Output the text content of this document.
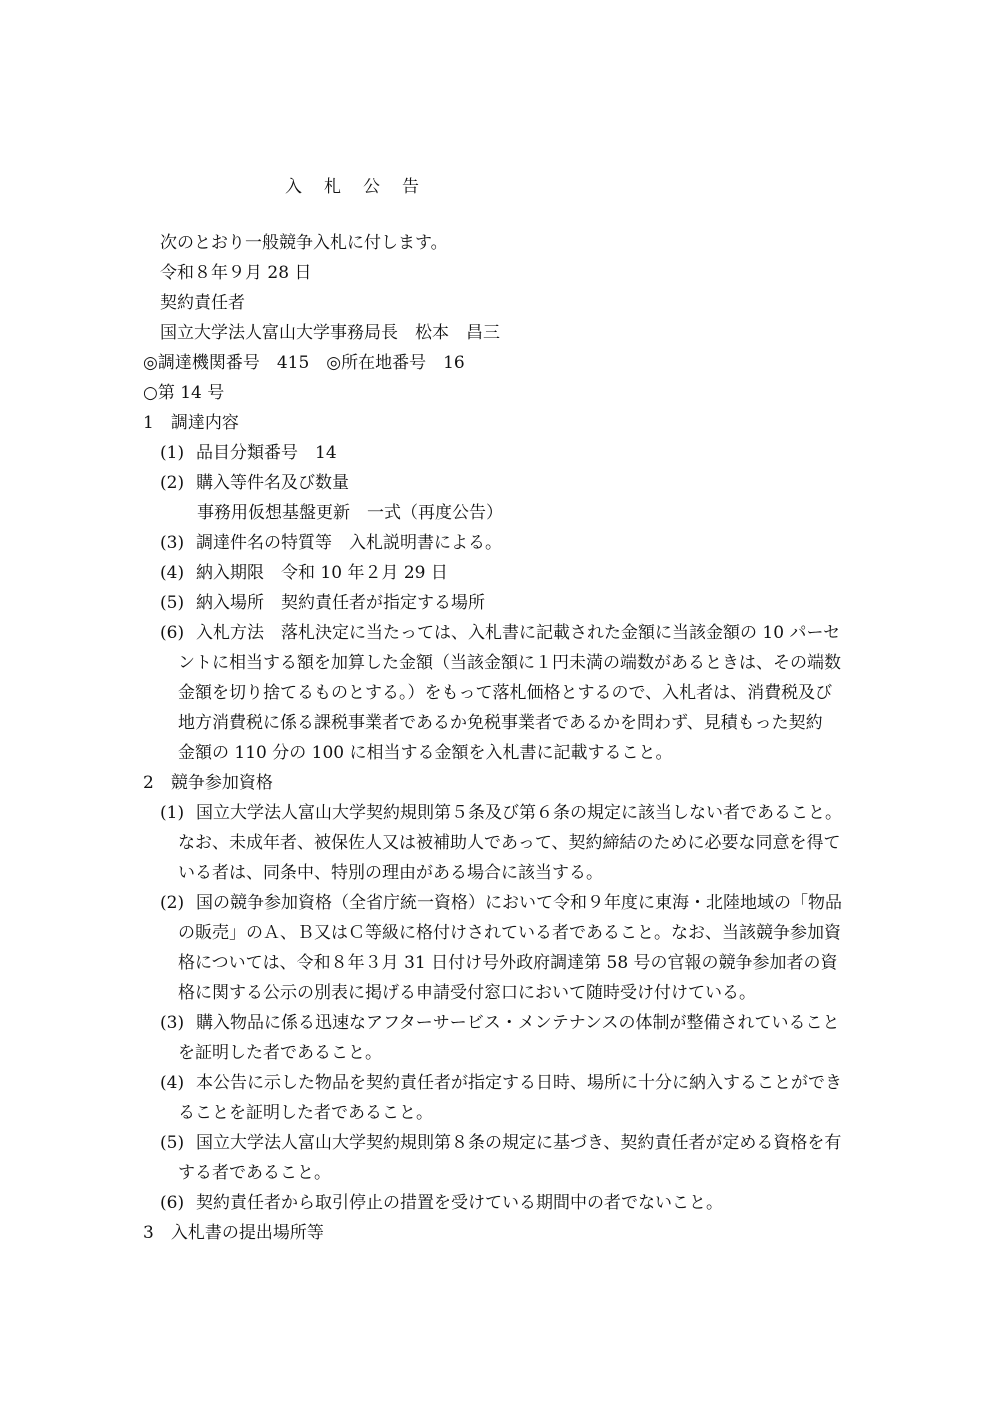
入札公告
次のとおり一般競争入札に付します。
令和８年９月 28 日
契約責任者
国立大学法人富山大学事務局長　松本　昌三
◎調達機関番号　415　◎所在地番号　16
○第 14 号
1　調達内容
(1) 品目分類番号　14
(2) 購入等件名及び数量
事務用仮想基盤更新　一式（再度公告）
(3) 調達件名の特質等　入札説明書による。
(4) 納入期限　令和 10 年２月 29 日
(5) 納入場所　契約責任者が指定する場所
(6) 入札方法　落札決定に当たっては、入札書に記載された金額に当該金額の 10 パーセ
ントに相当する額を加算した金額（当該金額に１円未満の端数があるときは、その端数
金額を切り捨てるものとする。）をもって落札価格とするので、入札者は、消費税及び
地方消費税に係る課税事業者であるか免税事業者であるかを問わず、見積もった契約
金額の 110 分の 100 に相当する金額を入札書に記載すること。
2　競争参加資格
(1) 国立大学法人富山大学契約規則第５条及び第６条の規定に該当しない者であること。
なお、未成年者、被保佐人又は被補助人であって、契約締結のために必要な同意を得て
いる者は、同条中、特別の理由がある場合に該当する。
(2) 国の競争参加資格（全省庁統一資格）において令和９年度に東海・北陸地域の「物品
の販売」のＡ、Ｂ又はＣ等級に格付けされている者であること。なお、当該競争参加資
格については、令和８年３月 31 日付け号外政府調達第 58 号の官報の競争参加者の資
格に関する公示の別表に掲げる申請受付窓口において随時受け付けている。
(3) 購入物品に係る迅速なアフターサービス・メンテナンスの体制が整備されていること
を証明した者であること。
(4) 本公告に示した物品を契約責任者が指定する日時、場所に十分に納入することができ
ることを証明した者であること。
(5) 国立大学法人富山大学契約規則第８条の規定に基づき、契約責任者が定める資格を有
する者であること。
(6) 契約責任者から取引停止の措置を受けている期間中の者でないこと。
3　入札書の提出場所等
